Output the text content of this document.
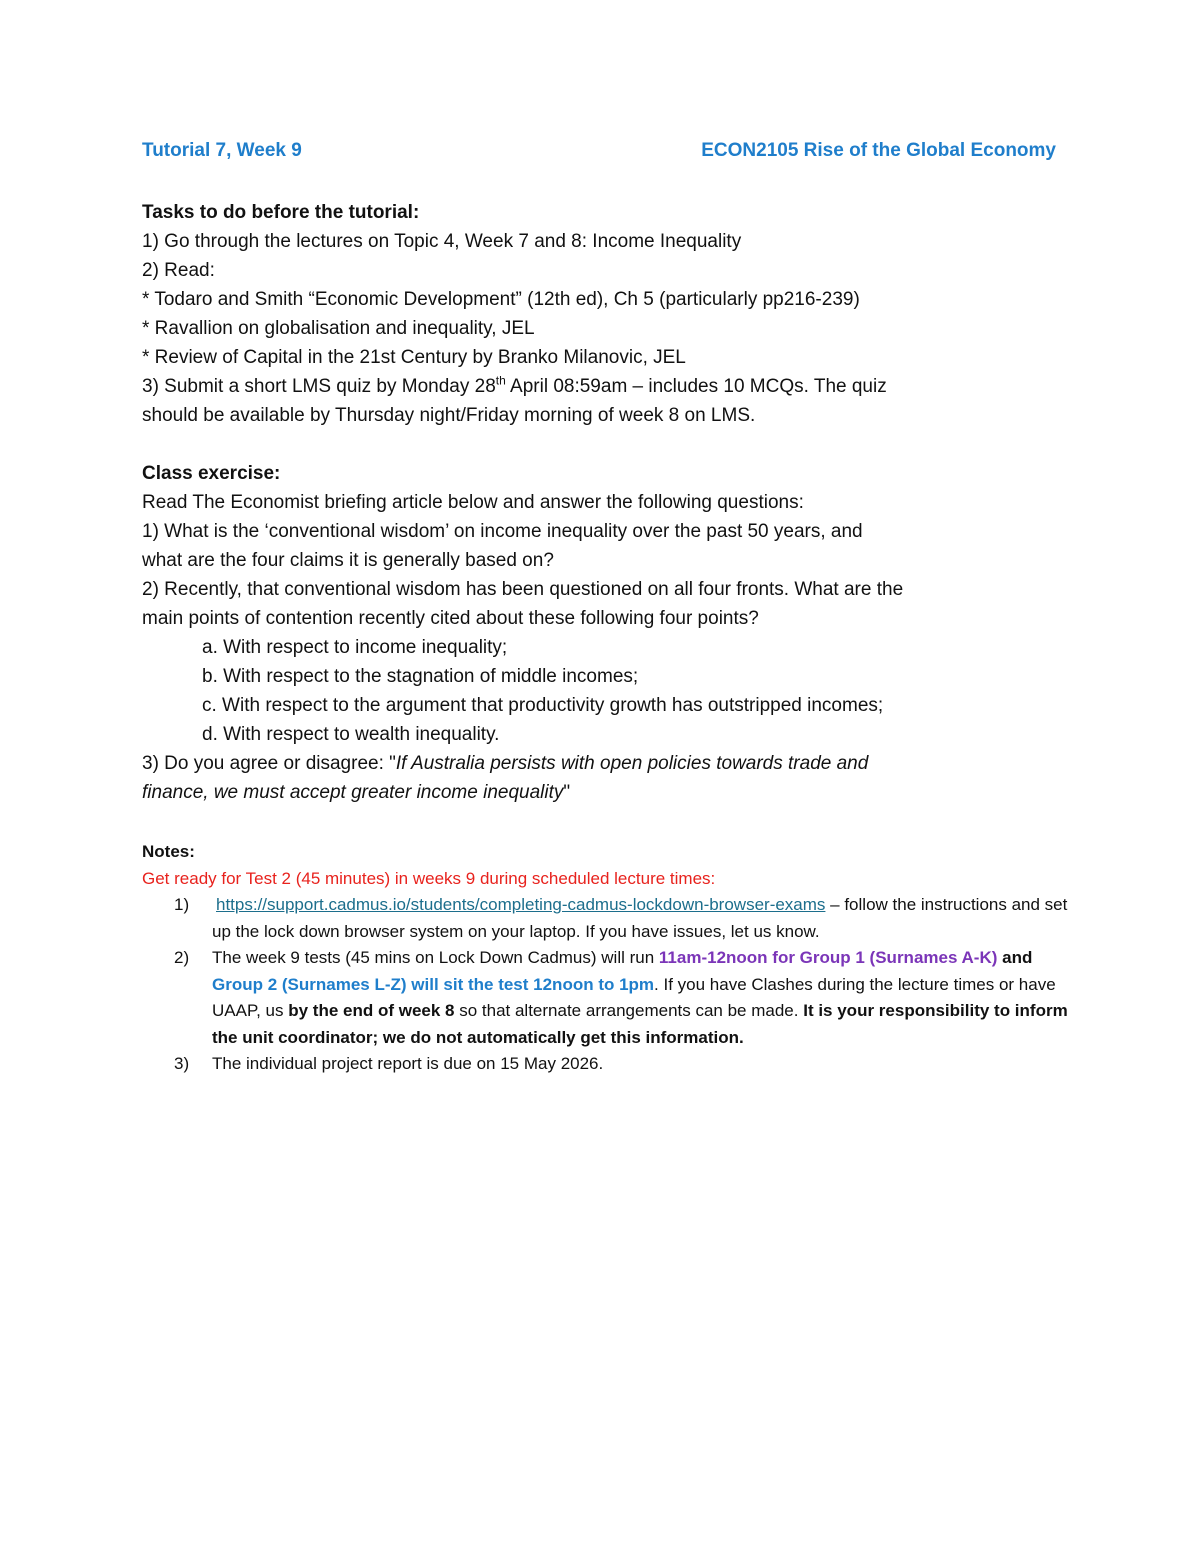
Tutorial 7, Week 9	ECON2105 Rise of the Global Economy
Tasks to do before the tutorial:
1) Go through the lectures on Topic 4, Week 7 and 8: Income Inequality
2) Read:
* Todaro and Smith “Economic Development” (12th ed), Ch 5 (particularly pp216-239)
* Ravallion on globalisation and inequality, JEL
* Review of Capital in the 21st Century by Branko Milanovic, JEL
3) Submit a short LMS quiz by Monday 28th April 08:59am – includes 10 MCQs. The quiz
should be available by Thursday night/Friday morning of week 8 on LMS.
Class exercise:
Read The Economist briefing article below and answer the following questions:
1) What is the ‘conventional wisdom’ on income inequality over the past 50 years, and
what are the four claims it is generally based on?
2) Recently, that conventional wisdom has been questioned on all four fronts. What are the
main points of contention recently cited about these following four points?
a. With respect to income inequality;
b. With respect to the stagnation of middle incomes;
c. With respect to the argument that productivity growth has outstripped incomes;
d. With respect to wealth inequality.
3) Do you agree or disagree: "If Australia persists with open policies towards trade and
finance, we must accept greater income inequality"
Notes:
Get ready for Test 2 (45 minutes) in weeks 9 during scheduled lecture times:
1) https://support.cadmus.io/students/completing-cadmus-lockdown-browser-exams – follow the instructions and set up the lock down browser system on your laptop. If you have issues, let us know.
2) The week 9 tests (45 mins on Lock Down Cadmus) will run 11am-12noon for Group 1 (Surnames A-K) and Group 2 (Surnames L-Z) will sit the test 12noon to 1pm. If you have Clashes during the lecture times or have UAAP, us by the end of week 8 so that alternate arrangements can be made. It is your responsibility to inform the unit coordinator; we do not automatically get this information.
3) The individual project report is due on 15 May 2026.
